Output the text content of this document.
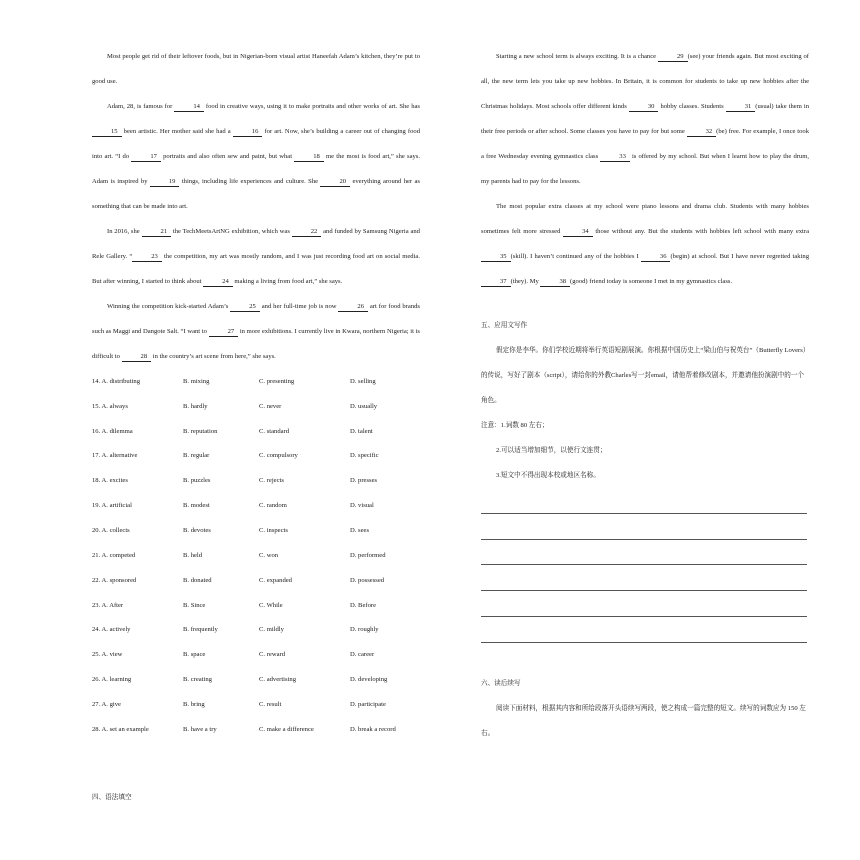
Most people get rid of their leftover foods, but in Nigerian-born visual artist Haneefah Adam’s kitchen, they’re put to good use.

Adam, 28, is famous for	14 food in creative ways, using it to make portraits and other works of art. She has 15 been artistic. Her mother said she had a	16 for art. Now, she’s building a career out of changing food into art. “I do	17 portraits and also often sew and paint, but what	18 me the most is food art,” she says. Adam is inspired by	19 things, including life experiences and culture. She	20 everything around her as something that can be made into art.

In 2016, she	21 the TechMeetsArtNG exhibition, which was	22 and funded by Samsung Nigeria and Rele Gallery. “	23 the competition, my art was mostly random, and I was just recording food art on social media. But after winning, I started to think about	24 making a living from food art,” she says.

Winning the competition kick-started Adam’s	25 and her full-time job is now	26 art for food brands such as Maggi and Dangote Salt. “I want to	27 in more exhibitions. I currently live in Kwara, northern Nigeria; it is difficult to	28 in the country’s art scene from here,” she says.

14. A. distributing	B. mixing	C. presenting	D. selling
15. A. always	B. hardly	C. never	D. usually
16. A. dilemma	B. reputation	C. standard	D. talent
17. A. alternative	B. regular	C. compulsory	D. specific
18. A. excites	B. puzzles	C. rejects	D. presses
19. A. artificial	B. modest	C. random	D. visual
20. A. collects	B. devotes	C. inspects	D. sees
21. A. competed	B. held	C. won	D. performed
22. A. sponsored	B. donated	C. expanded	D. possessed
23. A. After	B. Since	C. While	D. Before
24. A. actively	B. frequently	C. mildly	D. roughly
25. A. view	B. space	C. reward	D. career
26. A. learning	B. creating	C. advertising	D. developing
27. A. give	B. bring	C. result	D. participate
28. A. set an example	B. have a try	C. make a difference	D. break a record
四、语法填空

Starting a new school term is always exciting. It is a chance	29 (see) your friends again. But most exciting of all, the new term lets you take up new hobbies. In Britain, it is common for students to take up new hobbies after the Christmas holidays. Most schools offer different kinds	30 hobby classes. Students	31 (usual) take them in their free periods or after school. Some classes you have to pay for but some	32 (be) free. For example, I once took a free Wednesday evening gymnastics class	33 is offered by my school. But when I learnt how to play the drum, my parents had to pay for the lessons.

The most popular extra classes at my school were piano lessons and drama club. Students with many hobbies sometimes felt more stressed	34 those without any. But the students with hobbies left school with many extra 35 (skill). I haven’t continued any of the hobbies I	36 (begin) at school. But I have never regretted taking 37 (they). My	38 (good) friend today is someone I met in my gymnastics class.

五、应用文写作

假定你是李华。你们学校近期将举行英语短剧展演。你根据中国历史上“梁山伯与祝英台”（Butterfly Lovers）的传说，写好了剧本（script），请给你的外教Charles写一封email，请他帮着修改剧本，并邀请他扮演剧中的一个角色。

注意：1.词数 80 左右；

2.可以适当增加细节，以使行文连贯；

3.短文中不得出现本校或地区名称。

六、读后续写

阅读下面材料，根据其内容和所给段落开头语续写两段，使之构成一篇完整的短文。续写的词数应为 150 左右。
